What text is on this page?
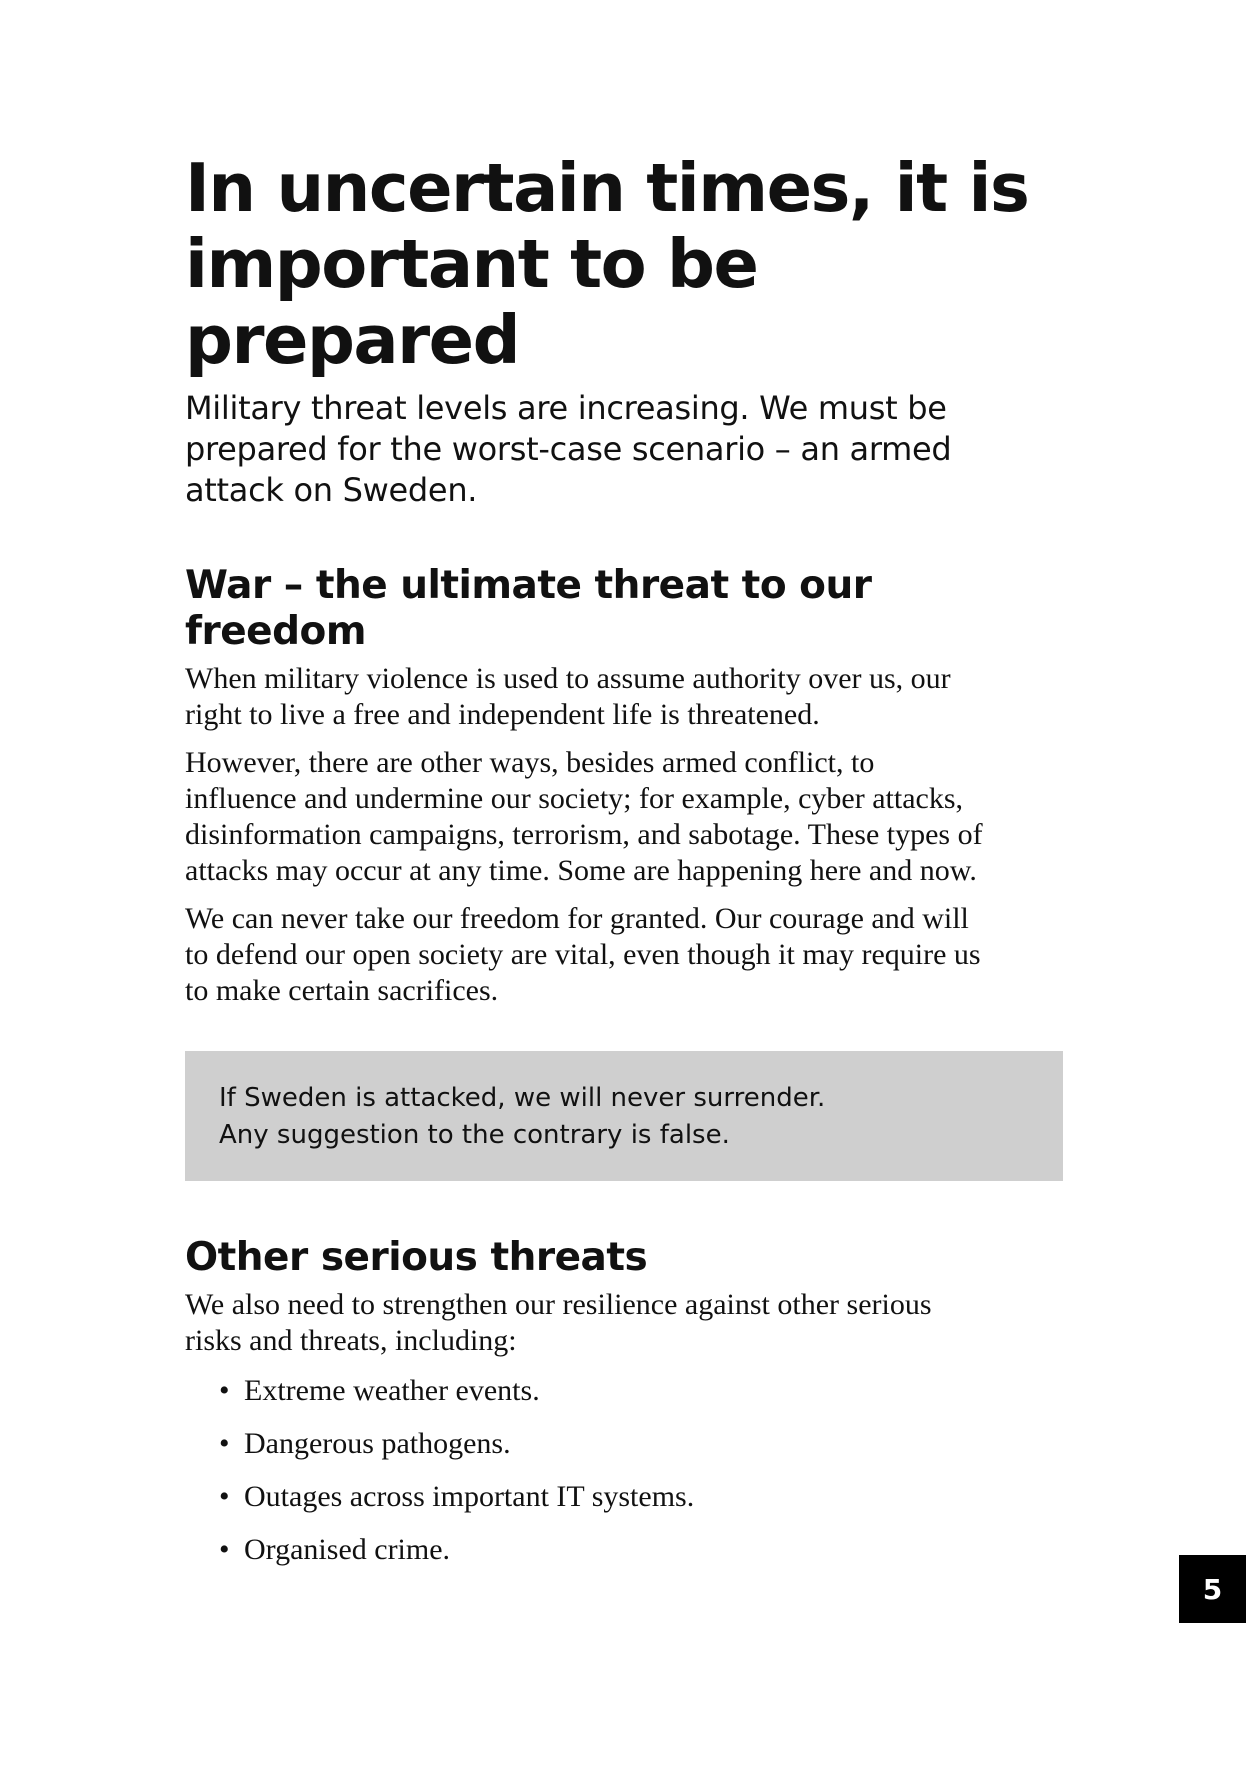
In uncertain times, it is
important to be prepared

Military threat levels are increasing. We must be
prepared for the worst-case scenario – an armed
attack on Sweden.

War – the ultimate threat to our freedom

When military violence is used to assume authority over us, our
right to live a free and independent life is threatened.

However, there are other ways, besides armed conflict, to
influence and undermine our society; for example, cyber attacks,
disinformation campaigns, terrorism, and sabotage. These types of
attacks may occur at any time. Some are happening here and now.

We can never take our freedom for granted. Our courage and will
to defend our open society are vital, even though it may require us
to make certain sacrifices.

If Sweden is attacked, we will never surrender.
Any suggestion to the contrary is false.
Other serious threats

We also need to strengthen our resilience against other serious
risks and threats, including:

• Extreme weather events.
• Dangerous pathogens.
• Outages across important IT systems.
• Organised crime.
5
